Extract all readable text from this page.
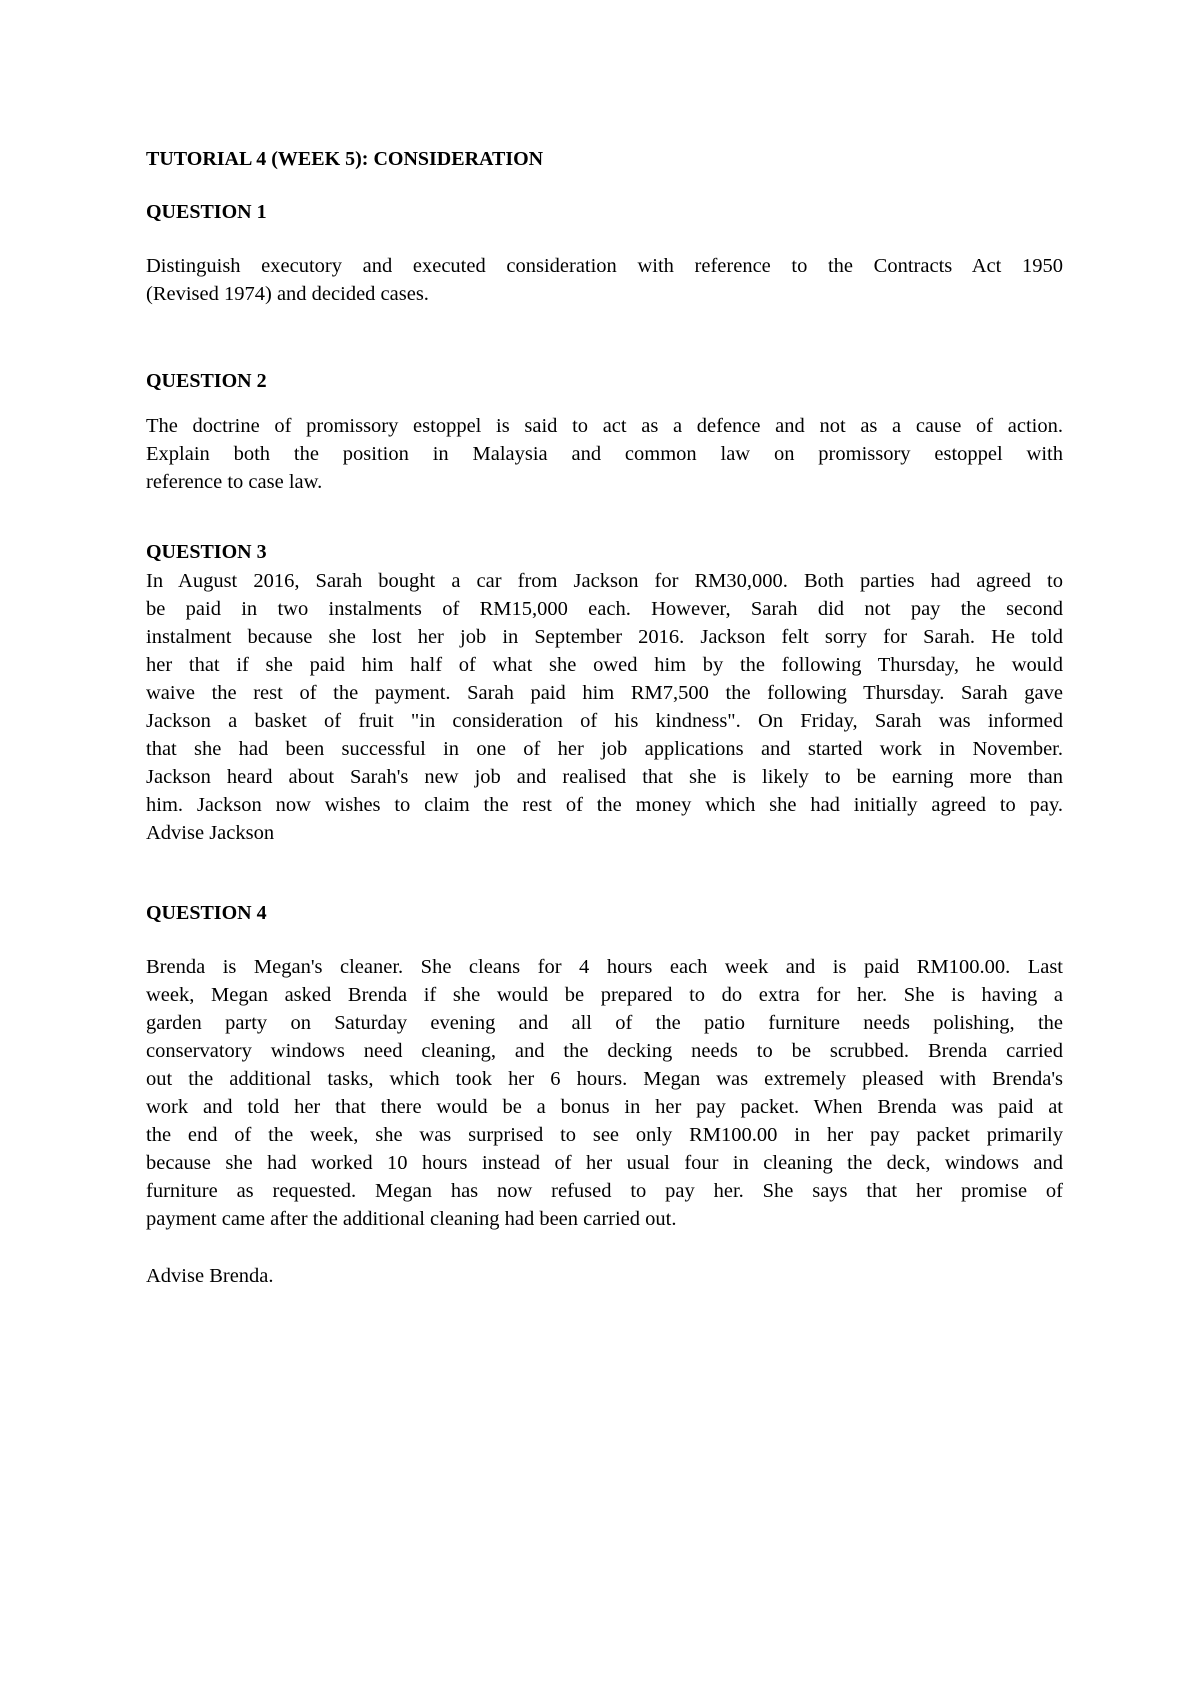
TUTORIAL 4 (WEEK 5): CONSIDERATION
QUESTION 1
Distinguish executory and executed consideration with reference to the Contracts Act 1950
(Revised 1974) and decided cases.
QUESTION 2
The doctrine of promissory estoppel is said to act as a defence and not as a cause of action.
Explain both the position in Malaysia and common law on promissory estoppel with
reference to case law.
QUESTION 3
In August 2016, Sarah bought a car from Jackson for RM30,000. Both parties had agreed to
be paid in two instalments of RM15,000 each. However, Sarah did not pay the second
instalment because she lost her job in September 2016. Jackson felt sorry for Sarah. He told
her that if she paid him half of what she owed him by the following Thursday, he would
waive the rest of the payment. Sarah paid him RM7,500 the following Thursday. Sarah gave
Jackson a basket of fruit "in consideration of his kindness". On Friday, Sarah was informed
that she had been successful in one of her job applications and started work in November.
Jackson heard about Sarah's new job and realised that she is likely to be earning more than
him. Jackson now wishes to claim the rest of the money which she had initially agreed to pay.
Advise Jackson
QUESTION 4
Brenda is Megan's cleaner. She cleans for 4 hours each week and is paid RM100.00. Last
week, Megan asked Brenda if she would be prepared to do extra for her. She is having a
garden party on Saturday evening and all of the patio furniture needs polishing, the
conservatory windows need cleaning, and the decking needs to be scrubbed. Brenda carried
out the additional tasks, which took her 6 hours. Megan was extremely pleased with Brenda's
work and told her that there would be a bonus in her pay packet. When Brenda was paid at
the end of the week, she was surprised to see only RM100.00 in her pay packet primarily
because she had worked 10 hours instead of her usual four in cleaning the deck, windows and
furniture as requested. Megan has now refused to pay her. She says that her promise of
payment came after the additional cleaning had been carried out.
Advise Brenda.
